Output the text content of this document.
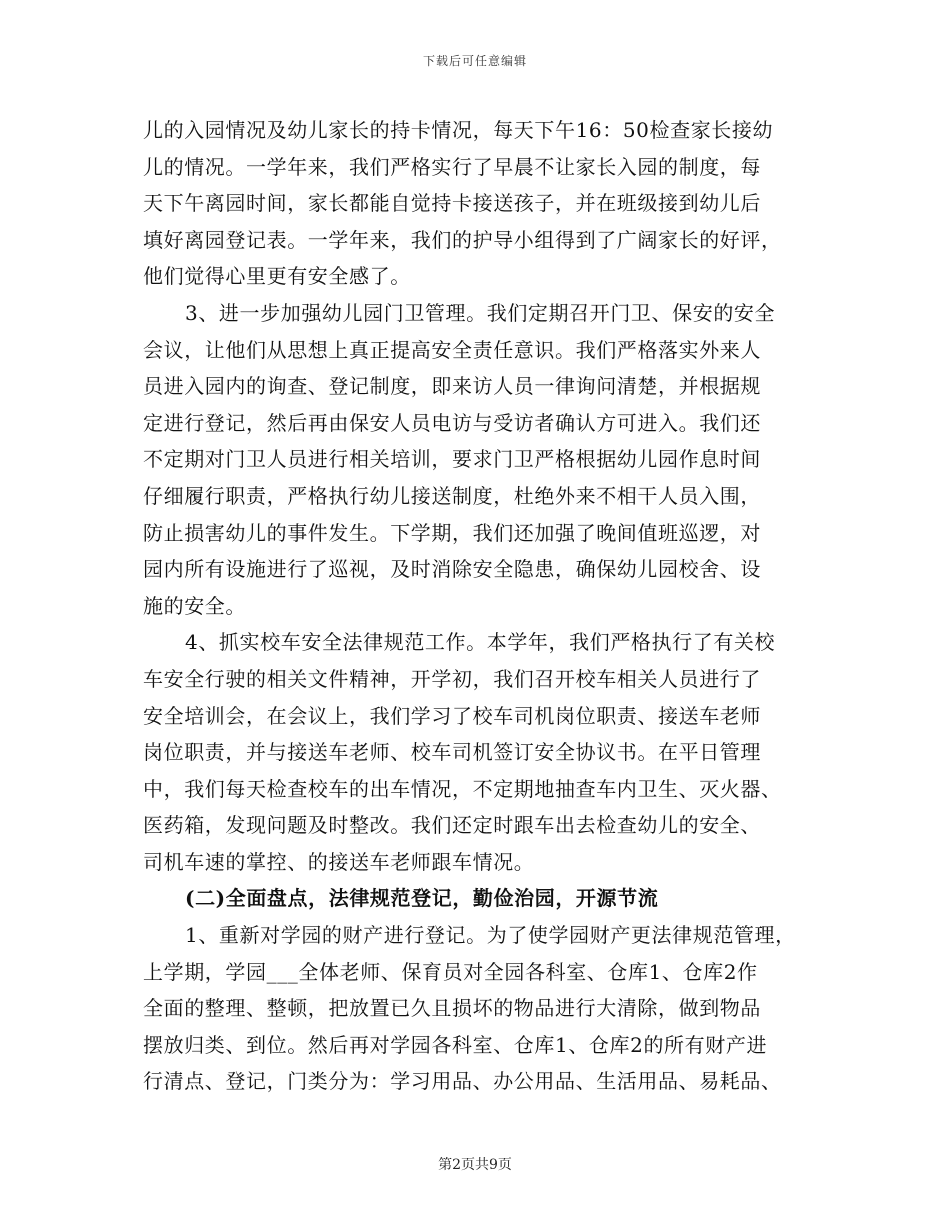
下载后可任意编辑
儿的入园情况及幼儿家长的持卡情况，每天下午16：50检查家长接幼
儿的情况。一学年来，我们严格实行了早晨不让家长入园的制度，每
天下午离园时间，家长都能自觉持卡接送孩子，并在班级接到幼儿后
填好离园登记表。一学年来，我们的护导小组得到了广阔家长的好评，
他们觉得心里更有安全感了。
3、进一步加强幼儿园门卫管理。我们定期召开门卫、保安的安全
会议，让他们从思想上真正提高安全责任意识。我们严格落实外来人
员进入园内的询查、登记制度，即来访人员一律询问清楚，并根据规
定进行登记，然后再由保安人员电访与受访者确认方可进入。我们还
不定期对门卫人员进行相关培训，要求门卫严格根据幼儿园作息时间
仔细履行职责，严格执行幼儿接送制度，杜绝外来不相干人员入围，
防止损害幼儿的事件发生。下学期，我们还加强了晚间值班巡逻，对
园内所有设施进行了巡视，及时消除安全隐患，确保幼儿园校舍、设
施的安全。
4、抓实校车安全法律规范工作。本学年，我们严格执行了有关校
车安全行驶的相关文件精神，开学初，我们召开校车相关人员进行了
安全培训会，在会议上，我们学习了校车司机岗位职责、接送车老师
岗位职责，并与接送车老师、校车司机签订安全协议书。在平日管理
中，我们每天检查校车的出车情况，不定期地抽查车内卫生、灭火器、
医药箱，发现问题及时整改。我们还定时跟车出去检查幼儿的安全、
司机车速的掌控、的接送车老师跟车情况。
(二)全面盘点，法律规范登记，勤俭治园，开源节流
1、重新对学园的财产进行登记。为了使学园财产更法律规范管理，
上学期，学园___全体老师、保育员对全园各科室、仓库1、仓库2作
全面的整理、整顿，把放置已久且损坏的物品进行大清除，做到物品
摆放归类、到位。然后再对学园各科室、仓库1、仓库2的所有财产进
行清点、登记，门类分为：学习用品、办公用品、生活用品、易耗品、
第2页共9页
